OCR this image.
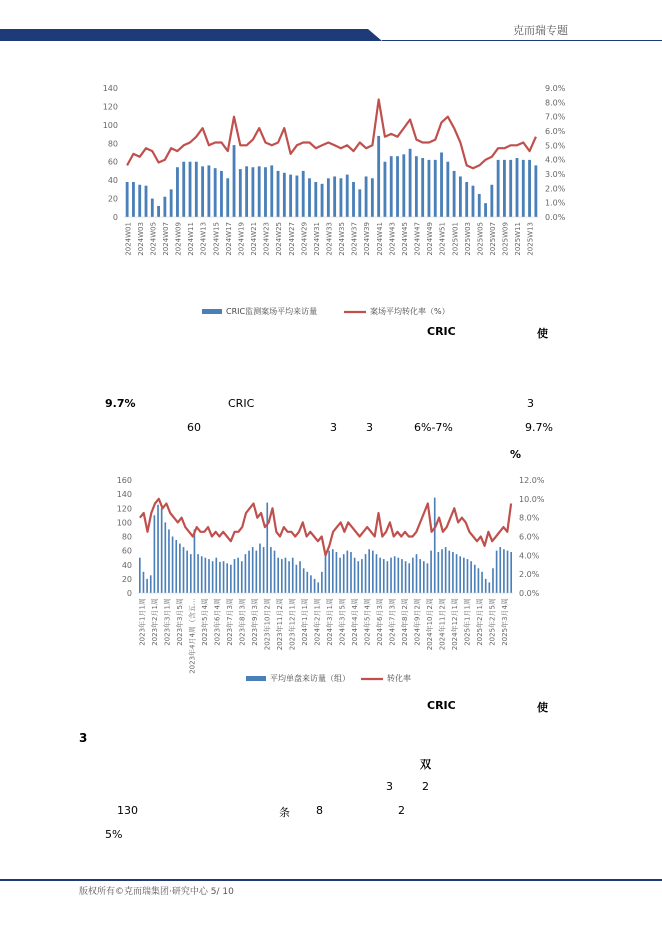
克而瑞专题
0
20
40
60
80
100
120
140
0.0%
1.0%
2.0%
3.0%
4.0%
5.0%
6.0%
7.0%
8.0%
9.0%
2024W01 2024W03 2024W05 2024W07 2024W09 2024W11 2024W13 2024W15 2024W17 2024W19 2024W21 2024W23 2024W25 2024W27 2024W29 2024W31 2024W33 2024W35 2024W37 2024W39 2024W41 2024W43 2024W45 2024W47 2024W49 2024W51 2025W01 2025W03 2025W05 2025W07 2025W09 2025W11 2025W13
CRIC监测案场平均来访量	案场平均转化率（%）
CRIC	使
9.7%	CRIC	3
60	3	3	6%-7%	9.7%
%
0
20
40
60
80
100
120
140
160
0.0%
2.0%
4.0%
6.0%
8.0%
10.0%
12.0%
2023年1月1周 2023年2月1周 2023年3月1周 2023年3月5周 2023年4月4周（含五… 2023年5月4周 2023年6月4周 2023年7月3周 2023年8月3周 2023年9月3周 2023年10月2周 2023年11月2周 2023年12月1周 2024年1月1周 2024年2月1周 2024年3月1周 2024年3月5周 2024年4月4周 2024年5月4周 2024年6月3周 2024年7月3周 2024年8月2周 2024年9月2周 2024年10月2周 2024年11月2周 2024年12月1周 2025年1月1周 2025年2月1周 2025年2月5周 2025年3月4周
平均单盘来访量（组）	转化率
CRIC	使
3
双
3	2
130	条 8	2
5%
版权所有©克而瑞集团·研究中心 5/ 10
